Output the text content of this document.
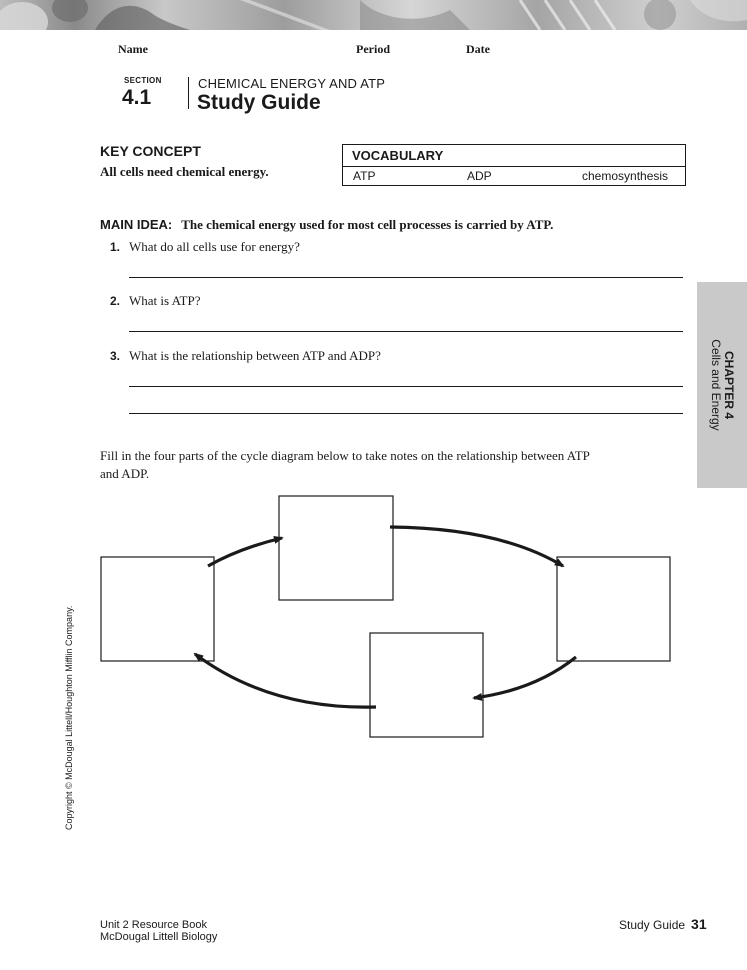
Name	Period	Date
SECTION
4.1
CHEMICAL ENERGY AND ATP
Study Guide
KEY CONCEPT
All cells need chemical energy.
VOCABULARY
ATP	ADP	chemosynthesis
MAIN IDEA: The chemical energy used for most cell processes is carried by ATP.
1. What do all cells use for energy?
2. What is ATP?
3. What is the relationship between ATP and ADP?	CHAPTER 4
Cells and Energy
Fill in the four parts of the cycle diagram below to take notes on the relationship between ATP and ADP.
Copyright © McDougal Littell/Houghton Mifflin Company.
Unit 2 Resource Book
McDougal Littell Biology
Study Guide 31
